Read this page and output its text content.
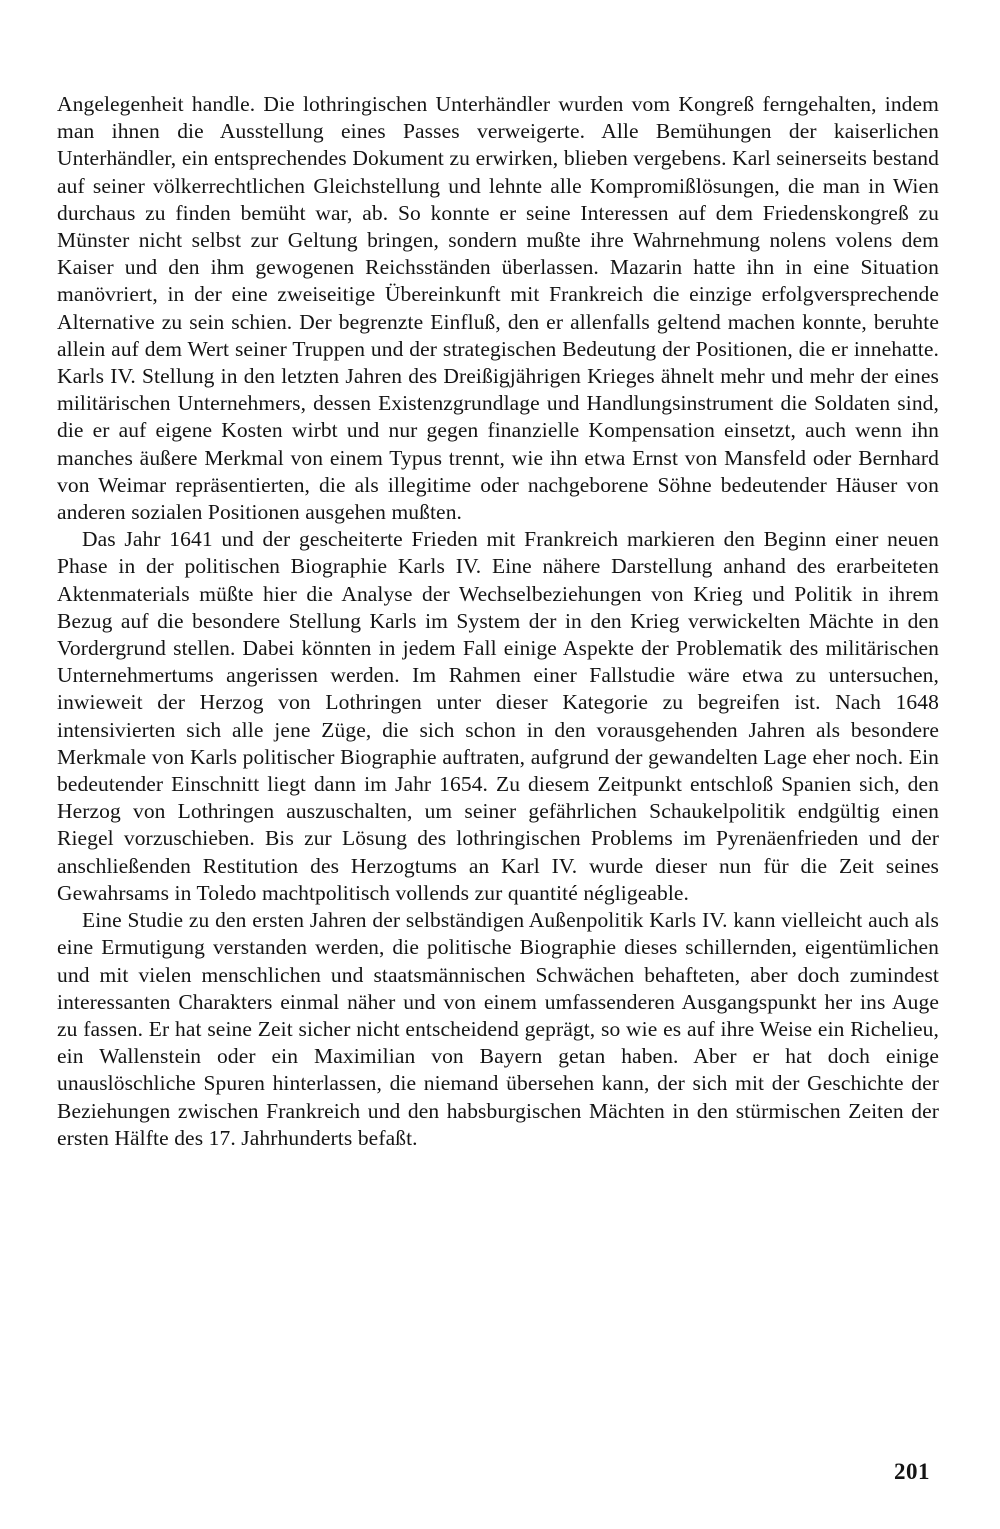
Angelegenheit handle. Die lothringischen Unterhändler wurden vom Kongreß ferngehalten, indem man ihnen die Ausstellung eines Passes verweigerte. Alle Bemühungen der kaiserlichen Unterhändler, ein entsprechendes Dokument zu erwirken, blieben vergebens. Karl seinerseits bestand auf seiner völkerrechtlichen Gleichstellung und lehnte alle Kompromißlösungen, die man in Wien durchaus zu finden bemüht war, ab. So konnte er seine Interessen auf dem Friedenskongreß zu Münster nicht selbst zur Geltung bringen, sondern mußte ihre Wahrnehmung nolens volens dem Kaiser und den ihm gewogenen Reichsständen überlassen. Mazarin hatte ihn in eine Situation manövriert, in der eine zweiseitige Übereinkunft mit Frankreich die einzige erfolgversprechende Alternative zu sein schien. Der begrenzte Einfluß, den er allenfalls geltend machen konnte, beruhte allein auf dem Wert seiner Truppen und der strategischen Bedeutung der Positionen, die er innehatte. Karls IV. Stellung in den letzten Jahren des Dreißigjährigen Krieges ähnelt mehr und mehr der eines militärischen Unternehmers, dessen Existenzgrundlage und Handlungsinstrument die Soldaten sind, die er auf eigene Kosten wirbt und nur gegen finanzielle Kompensation einsetzt, auch wenn ihn manches äußere Merkmal von einem Typus trennt, wie ihn etwa Ernst von Mansfeld oder Bernhard von Weimar repräsentierten, die als illegitime oder nachgeborene Söhne bedeutender Häuser von anderen sozialen Positionen ausgehen mußten.

Das Jahr 1641 und der gescheiterte Frieden mit Frankreich markieren den Beginn einer neuen Phase in der politischen Biographie Karls IV. Eine nähere Darstellung anhand des erarbeiteten Aktenmaterials müßte hier die Analyse der Wechselbeziehungen von Krieg und Politik in ihrem Bezug auf die besondere Stellung Karls im System der in den Krieg verwickelten Mächte in den Vordergrund stellen. Dabei könnten in jedem Fall einige Aspekte der Problematik des militärischen Unternehmertums angerissen werden. Im Rahmen einer Fallstudie wäre etwa zu untersuchen, inwieweit der Herzog von Lothringen unter dieser Kategorie zu begreifen ist. Nach 1648 intensivierten sich alle jene Züge, die sich schon in den vorausgehenden Jahren als besondere Merkmale von Karls politischer Biographie auftraten, aufgrund der gewandelten Lage eher noch. Ein bedeutender Einschnitt liegt dann im Jahr 1654. Zu diesem Zeitpunkt entschloß Spanien sich, den Herzog von Lothringen auszuschalten, um seiner gefährlichen Schaukelpolitik endgültig einen Riegel vorzuschieben. Bis zur Lösung des lothringischen Problems im Pyrenäenfrieden und der anschließenden Restitution des Herzogtums an Karl IV. wurde dieser nun für die Zeit seines Gewahrsams in Toledo machtpolitisch vollends zur quantité négligeable.

Eine Studie zu den ersten Jahren der selbständigen Außenpolitik Karls IV. kann vielleicht auch als eine Ermutigung verstanden werden, die politische Biographie dieses schillernden, eigentümlichen und mit vielen menschlichen und staatsmännischen Schwächen behafteten, aber doch zumindest interessanten Charakters einmal näher und von einem umfassenderen Ausgangspunkt her ins Auge zu fassen. Er hat seine Zeit sicher nicht entscheidend geprägt, so wie es auf ihre Weise ein Richelieu, ein Wallenstein oder ein Maximilian von Bayern getan haben. Aber er hat doch einige unauslöschliche Spuren hinterlassen, die niemand übersehen kann, der sich mit der Geschichte der Beziehungen zwischen Frankreich und den habsburgischen Mächten in den stürmischen Zeiten der ersten Hälfte des 17. Jahrhunderts befaßt.

201
